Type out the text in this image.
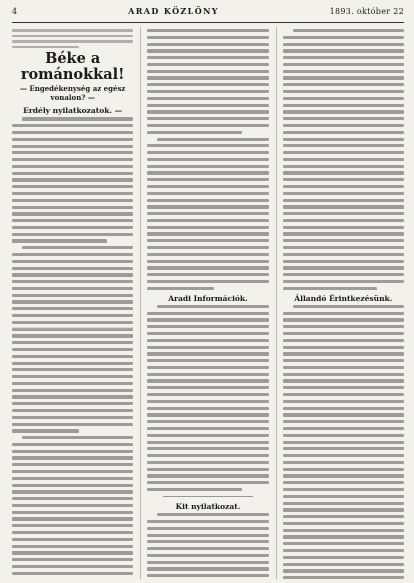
4	ARAD KÖZLÖNY	1893. október 22
Béke a románokkal!
— Engedékenység az egész vonalon? —
Erdély nyilatkozatok. —
Aradi Információk.
Kit nyilatkozat.
Állandó Érintkezésünk.
